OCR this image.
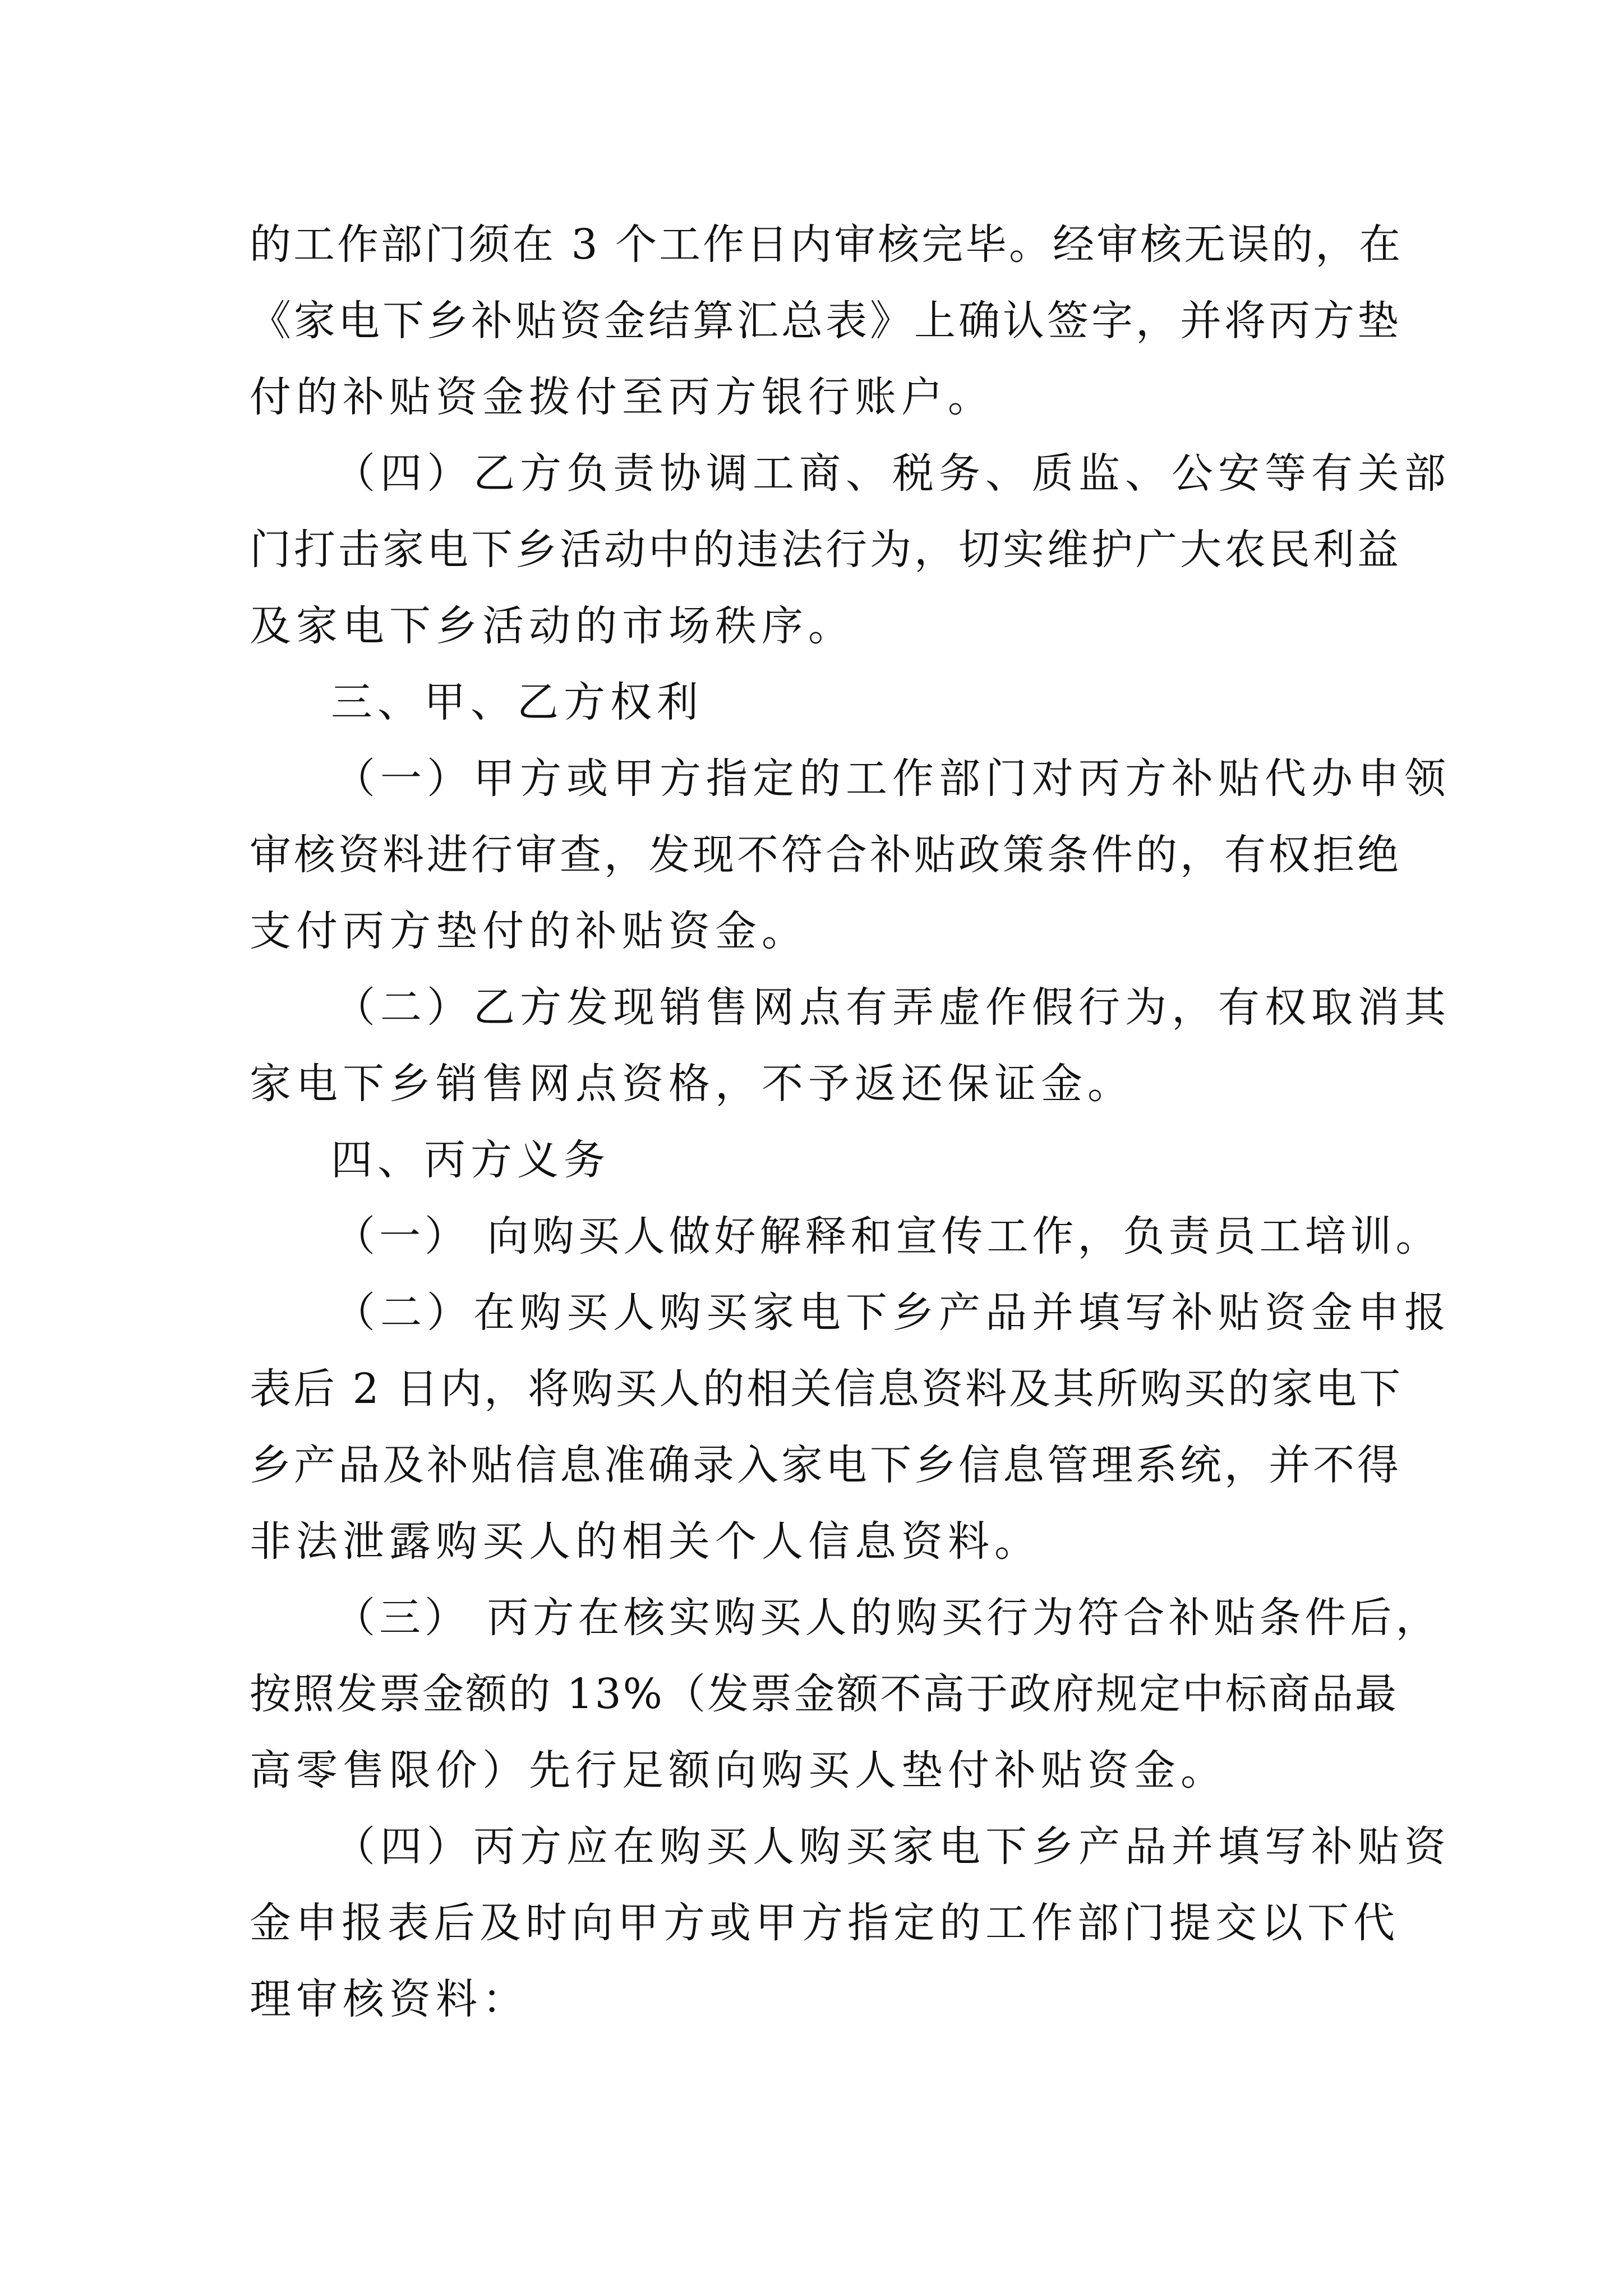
的工作部门须在 3 个工作日内审核完毕。经审核无误的，在

《家电下乡补贴资金结算汇总表》上确认签字，并将丙方垫

付的补贴资金拨付至丙方银行账户。

（四）乙方负责协调工商、税务、质监、公安等有关部

门打击家电下乡活动中的违法行为，切实维护广大农民利益

及家电下乡活动的市场秩序。

三、甲、乙方权利

（一）甲方或甲方指定的工作部门对丙方补贴代办申领

审核资料进行审查，发现不符合补贴政策条件的，有权拒绝

支付丙方垫付的补贴资金。

（二）乙方发现销售网点有弄虚作假行为，有权取消其

家电下乡销售网点资格，不予返还保证金。

四、丙方义务

（一） 向购买人做好解释和宣传工作，负责员工培训。

（二）在购买人购买家电下乡产品并填写补贴资金申报

表后 2 日内，将购买人的相关信息资料及其所购买的家电下

乡产品及补贴信息准确录入家电下乡信息管理系统，并不得

非法泄露购买人的相关个人信息资料。

（三） 丙方在核实购买人的购买行为符合补贴条件后，

按照发票金额的 13%（发票金额不高于政府规定中标商品最

高零售限价）先行足额向购买人垫付补贴资金。

（四）丙方应在购买人购买家电下乡产品并填写补贴资

金申报表后及时向甲方或甲方指定的工作部门提交以下代

理审核资料：
